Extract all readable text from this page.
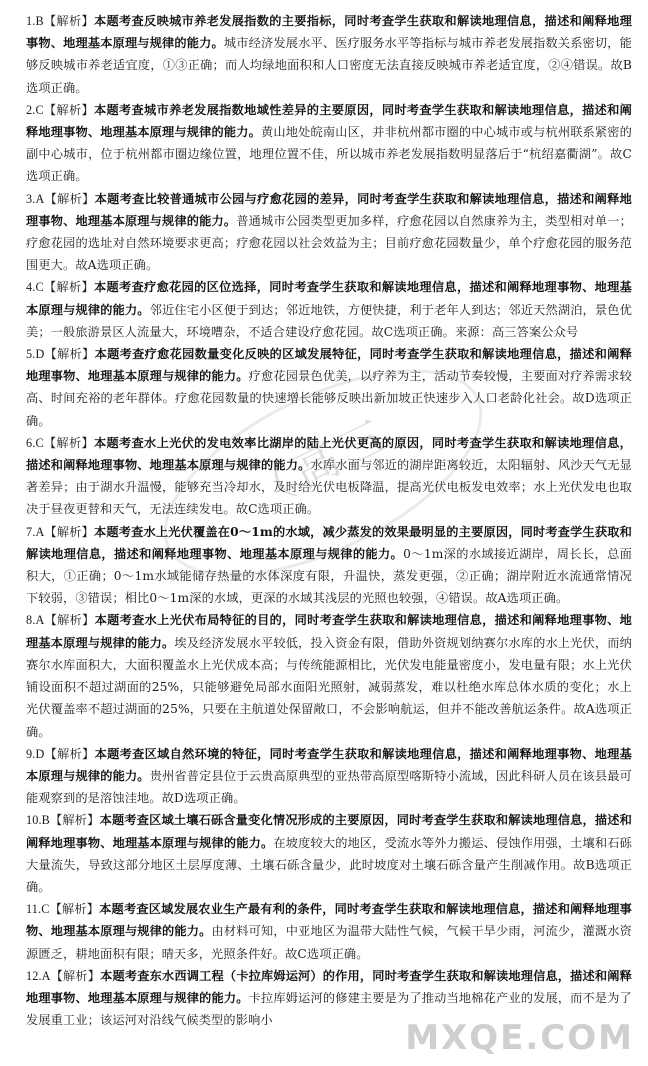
1.B【解析】本题考查反映城市养老发展指数的主要指标，同时考查学生获取和解读地理信息，描述和阐释地理事物、地理基本原理与规律的能力。城市经济发展水平、医疗服务水平等指标与城市养老发展指数关系密切，能够反映城市养老适宜度，①③正确；而人均绿地面积和人口密度无法直接反映城市养老适宜度，②④错误。故B选项正确。
2.C【解析】本题考查城市养老发展指数地域性差异的主要原因，同时考查学生获取和解读地理信息，描述和阐释地理事物、地理基本原理与规律的能力。黄山地处皖南山区，并非杭州都市圈的中心城市或与杭州联系紧密的副中心城市，位于杭州都市圈边缘位置，地理位置不佳，所以城市养老发展指数明显落后于“杭绍嘉衢湖”。故C选项正确。
3.A【解析】本题考查比较普通城市公园与疗愈花园的差异，同时考查学生获取和解读地理信息，描述和阐释地理事物、地理基本原理与规律的能力。普通城市公园类型更加多样，疗愈花园以自然康养为主，类型相对单一；疗愈花园的选址对自然环境要求更高；疗愈花园以社会效益为主；目前疗愈花园数量少，单个疗愈花园的服务范围更大。故A选项正确。
4.C【解析】本题考查疗愈花园的区位选择，同时考查学生获取和解读地理信息，描述和阐释地理事物、地理基本原理与规律的能力。邻近住宅小区便于到达；邻近地铁，方便快捷，利于老年人到达；邻近天然湖泊，景色优美；一般旅游景区人流量大，环境嘈杂，不适合建设疗愈花园。故C选项正确。来源：高三答案公众号
5.D【解析】本题考查疗愈花园数量变化反映的区域发展特征，同时考查学生获取和解读地理信息，描述和阐释地理事物、地理基本原理与规律的能力。疗愈花园景色优美，以疗养为主，活动节奏较慢，主要面对疗养需求较高、时间充裕的老年群体。疗愈花园数量的快速增长能够反映出新加坡正快速步入人口老龄化社会。故D选项正确。
6.C【解析】本题考查水上光伏的发电效率比湖岸的陆上光伏更高的原因，同时考查学生获取和解读地理信息，描述和阐释地理事物、地理基本原理与规律的能力。水库水面与邻近的湖岸距离较近，太阳辐射、风沙天气无显著差异；由于湖水升温慢，能够充当冷却水，及时给光伏电板降温，提高光伏电板发电效率；水上光伏发电也取决于昼夜更替和天气，无法连续发电。故C选项正确。
7.A【解析】本题考查水上光伏覆盖在0～1m的水域，减少蒸发的效果最明显的主要原因，同时考查学生获取和解读地理信息，描述和阐释地理事物、地理基本原理与规律的能力。0～1m深的水域接近湖岸，周长长，总面积大，①正确；0～1m水域能储存热量的水体深度有限，升温快，蒸发更强，②正确；湖岸附近水流通常情况下较弱，③错误；相比0～1m深的水域，更深的水域其浅层的光照也较强，④错误。故A选项正确。
8.A【解析】本题考查水上光伏布局特征的目的，同时考查学生获取和解读地理信息，描述和阐释地理事物、地理基本原理与规律的能力。埃及经济发展水平较低，投入资金有限，借助外资规划纳赛尔水库的水上光伏，而纳赛尔水库面积大，大面积覆盖水上光伏成本高；与传统能源相比，光伏发电能量密度小，发电量有限；水上光伏铺设面积不超过湖面的25%，只能够避免局部水面阳光照射，减弱蒸发，难以杜绝水库总体水质的变化；水上光伏覆盖率不超过湖面的25%，只要在主航道处保留敞口，不会影响航运，但并不能改善航运条件。故A选项正确。
9.D【解析】本题考查区域自然环境的特征，同时考查学生获取和解读地理信息，描述和阐释地理事物、地理基本原理与规律的能力。贵州省普定县位于云贵高原典型的亚热带高原型喀斯特小流域，因此科研人员在该县最可能观察到的是溶蚀洼地。故D选项正确。
10.B【解析】本题考查区域土壤石砾含量变化情况形成的主要原因，同时考查学生获取和解读地理信息，描述和阐释地理事物、地理基本原理与规律的能力。在坡度较大的地区，受流水等外力搬运、侵蚀作用强，土壤和石砾大量流失，导致这部分地区土层厚度薄、土壤石砾含量少，此时坡度对土壤石砾含量产生削减作用。故B选项正确。
11.C【解析】本题考查区域发展农业生产最有利的条件，同时考查学生获取和解读地理信息，描述和阐释地理事物、地理基本原理与规律的能力。由材料可知，中亚地区为温带大陆性气候，气候干旱少雨，河流少，灌溉水资源匮乏，耕地面积有限；晴天多，光照条件好。故C选项正确。
12.A【解析】本题考查东水西调工程（卡拉库姆运河）的作用，同时考查学生获取和解读地理信息，描述和阐释地理事物、地理基本原理与规律的能力。卡拉库姆运河的修建主要是为了推动当地棉花产业的发展，而不是为了发展重工业；该运河对沿线气候类型的影响小
（高三
MXQE.COM
